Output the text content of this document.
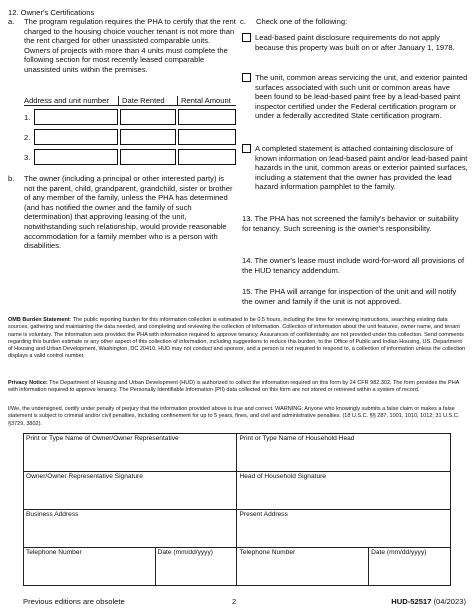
12. Owner's Certifications
a. The program regulation requires the PHA to certify that the rent charged to the housing choice voucher tenant is not more than the rent charged for other unassisted comparable units. Owners of projects with more than 4 units must complete the following section for most recently leased comparable unassisted units within the premises.
Address and unit number	Date Rented	Rental Amount
1.
2.
3.
b. The owner (including a principal or other interested party) is not the parent, child, grandparent, grandchild, sister or brother of any member of the family, unless the PHA has determined (and has notified the owner and the family of such determination) that approving leasing of the unit, notwithstanding such relationship, would provide reasonable accommodation for a family member who is a person with disabilities.
c. Check one of the following:
Lead-based paint disclosure requirements do not apply because this property was built on or after January 1, 1978.
The unit, common areas servicing the unit, and exterior painted surfaces associated with such unit or common areas have been found to be lead-based paint free by a lead-based paint inspector certified under the Federal certification program or under a federally accredited State certification program.
A completed statement is attached containing disclosure of known information on lead-based paint and/or lead-based paint hazards in the unit, common areas or exterior painted surfaces, including a statement that the owner has provided the lead hazard information pamphlet to the family.
13. The PHA has not screened the family's behavior or suitability for tenancy. Such screening is the owner's responsibility.
14. The owner's lease must include word-for-word all provisions of the HUD tenancy addendum.
15. The PHA will arrange for inspection of the unit and will notify the owner and family if the unit is not approved.
OMB Burden Statement: The public reporting burden for this information collection is estimated to be 0.5 hours, including the time for reviewing instructions, searching existing data sources, gathering and maintaining the data needed, and completing and reviewing the collection of information. Collection of information about the unit features, owner name, and tenant name is voluntary. The information sets provides the PHA with information required to approve tenancy. Assurances of confidentiality are not provided under this collection. Send comments regarding this burden estimate or any other aspect of this collection of information, including suggestions to reduce this burden, to the Office of Public and Indian Housing, US. Department of Housing and Urban Development, Washington, DC 20410. HUD may not conduct and sponsor, and a person is not required to respond to, a collection of information unless the collection displays a valid control number.
Privacy Notice: The Department of Housing and Urban Development (HUD) is authorized to collect the information required on this form by 24 CFR 982.302. The form provides the PHA with information required to approve tenancy. The Personally Identifiable Information (PII) data collected on this form are not stored or retrieved within a system of record.
I/We, the undersigned, certify under penalty of perjury that the information provided above is true and correct. WARNING: Anyone who knowingly submits a false claim or makes a false statement is subject to criminal and/or civil penalties, including confinement for up to 5 years, fines, and civil and administrative penalties. (18 U.S.C. §§ 287, 1001, 1010, 1012; 31 U.S.C. §3729, 3802).
Print or Type Name of Owner/Owner Representative		Print or Type Name of Household Head	
Owner/Owner Representative Signature		Head of Household Signature	
Business Address		Present Address	
Telephone Number	Date (mm/dd/yyyy)	Telephone Number	Date (mm/dd/yyyy)
Previous editions are obsolete	2	HUD-52517 (04/2023)
